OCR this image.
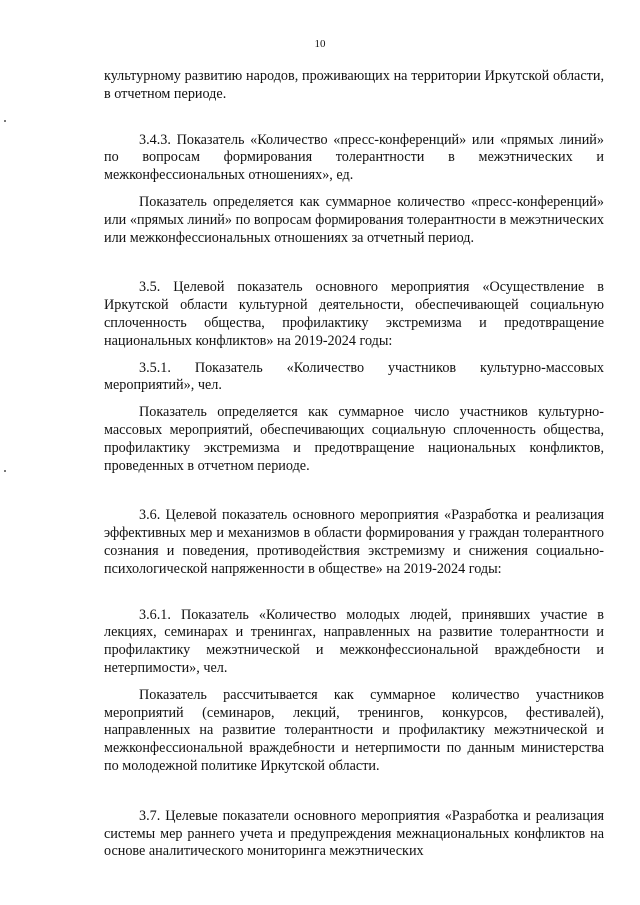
10

культурному развитию народов, проживающих на территории Иркутской области, в отчетном периоде.

3.4.3. Показатель «Количество «пресс-конференций» или «прямых линий» по вопросам формирования толерантности в межэтнических и межконфессиональных отношениях», ед.

Показатель определяется как суммарное количество «пресс-конференций» или «прямых линий» по вопросам формирования толерантности в межэтнических или межконфессиональных отношениях за отчетный период.

3.5. Целевой показатель основного мероприятия «Осуществление в Иркутской области культурной деятельности, обеспечивающей социальную сплоченность общества, профилактику экстремизма и предотвращение национальных конфликтов» на 2019-2024 годы:

3.5.1. Показатель «Количество участников культурно-массовых мероприятий», чел.

Показатель определяется как суммарное число участников культурно-массовых мероприятий, обеспечивающих социальную сплоченность общества, профилактику экстремизма и предотвращение национальных конфликтов, проведенных в отчетном периоде.

3.6. Целевой показатель основного мероприятия «Разработка и реализация эффективных мер и механизмов в области формирования у граждан толерантного сознания и поведения, противодействия экстремизму и снижения социально-психологической напряженности в обществе» на 2019-2024 годы:

3.6.1. Показатель «Количество молодых людей, принявших участие в лекциях, семинарах и тренингах, направленных на развитие толерантности и профилактику межэтнической и межконфессиональной враждебности и нетерпимости», чел.

Показатель рассчитывается как суммарное количество участников мероприятий (семинаров, лекций, тренингов, конкурсов, фестивалей), направленных на развитие толерантности и профилактику межэтнической и межконфессиональной враждебности и нетерпимости по данным министерства по молодежной политике Иркутской области.

3.7. Целевые показатели основного мероприятия «Разработка и реализация системы мер раннего учета и предупреждения межнациональных конфликтов на основе аналитического мониторинга межэтнических
